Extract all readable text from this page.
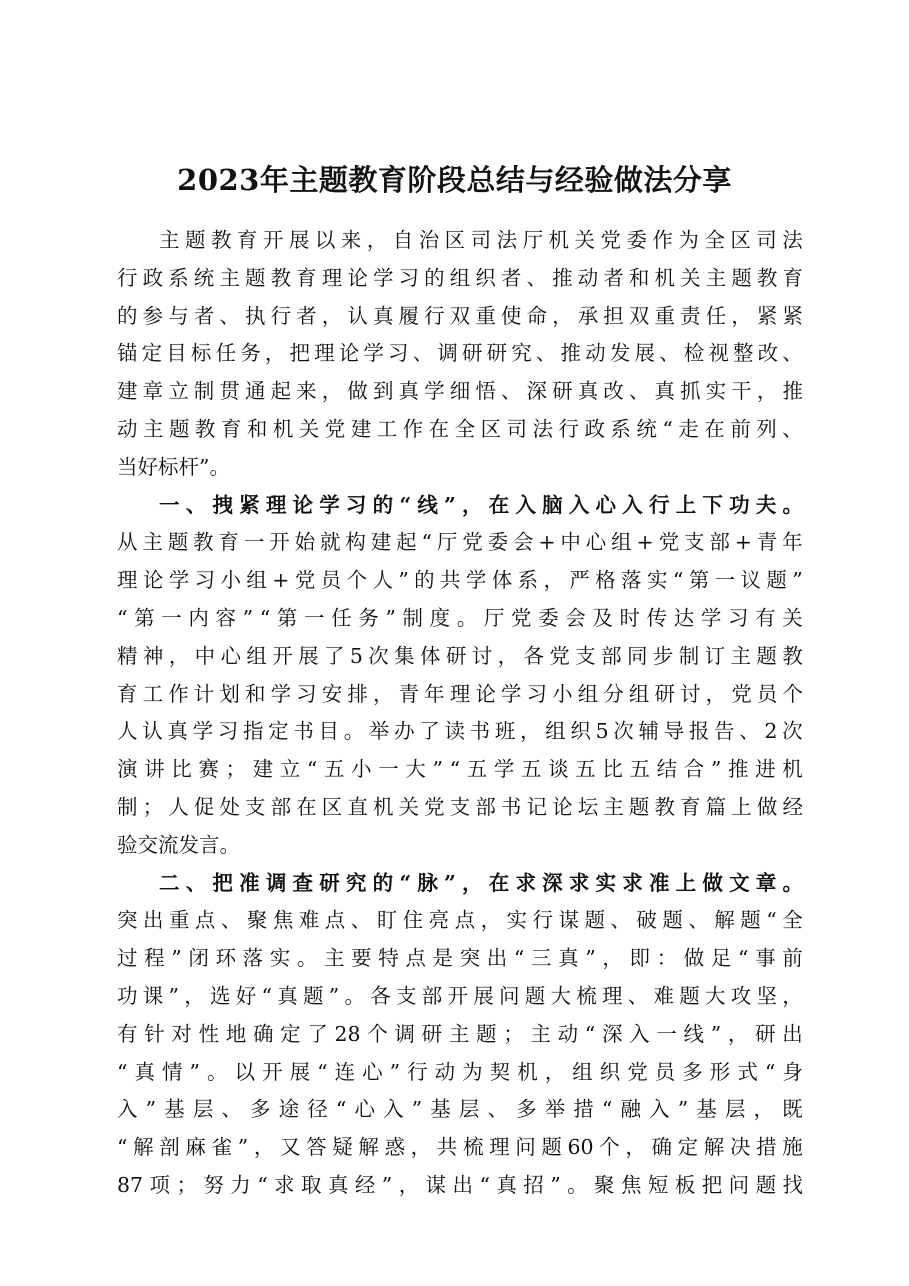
2023年主题教育阶段总结与经验做法分享
主 题 教 育 开 展 以 来 ， 自 治 区 司 法 厅 机 关 党 委 作 为 全 区 司 法
行 政 系 统 主 题 教 育 理 论 学 习 的 组 织 者 、 推 动 者 和 机 关 主 题 教 育
的 参 与 者 、 执 行 者 ， 认 真 履 行 双 重 使 命 ， 承 担 双 重 责 任 ， 紧 紧
锚 定 目 标 任 务 ， 把 理 论 学 习 、 调 研 研 究 、 推 动 发 展 、 检 视 整 改 、
建 章 立 制 贯 通 起 来 ， 做 到 真 学 细 悟 、 深 研 真 改 、 真 抓 实 干 ， 推
动 主 题 教 育 和 机 关 党 建 工 作 在 全 区 司 法 行 政 系 统 “ 走 在 前 列 、
当好标杆”。
一 、 拽 紧 理 论 学 习 的 “ 线 ” ， 在 入 脑 入 心 入 行 上 下 功 夫 。
从 主 题 教 育 一 开 始 就 构 建 起 “ 厅 党 委 会 + 中 心 组 + 党 支 部 + 青 年
理 论 学 习 小 组 + 党 员 个 人 ” 的 共 学 体 系 ， 严 格 落 实 “ 第 一 议 题 ”
“ 第 一 内 容 ” “ 第 一 任 务 ” 制 度 。 厅 党 委 会 及 时 传 达 学 习 有 关
精 神 ， 中 心 组 开 展 了 5 次 集 体 研 讨 ， 各 党 支 部 同 步 制 订 主 题 教
育 工 作 计 划 和 学 习 安 排 ， 青 年 理 论 学 习 小 组 分 组 研 讨 ， 党 员 个
人 认 真 学 习 指 定 书 目 。 举 办 了 读 书 班 ， 组 织 5 次 辅 导 报 告 、 2 次
演 讲 比 赛 ； 建 立 “ 五 小 一 大 ” “ 五 学 五 谈 五 比 五 结 合 ” 推 进 机
制 ； 人 促 处 支 部 在 区 直 机 关 党 支 部 书 记 论 坛 主 题 教 育 篇 上 做 经
验交流发言。
二 、 把 准 调 查 研 究 的 “ 脉 ” ， 在 求 深 求 实 求 准 上 做 文 章 。
突 出 重 点 、 聚 焦 难 点 、 盯 住 亮 点 ， 实 行 谋 题 、 破 题 、 解 题 “ 全
过 程 ” 闭 环 落 实 。 主 要 特 点 是 突 出 “ 三 真 ” ， 即 ： 做 足 “ 事 前
功 课 ” ， 选 好 “ 真 题 ” 。 各 支 部 开 展 问 题 大 梳 理 、 难 题 大 攻 坚 ，
有 针 对 性 地 确 定 了 28 个 调 研 主 题 ； 主 动 “ 深 入 一 线 ” ， 研 出
“ 真 情 ” 。 以 开 展 “ 连 心 ” 行 动 为 契 机 ， 组 织 党 员 多 形 式 “ 身
入 ” 基 层 、 多 途 径 “ 心 入 ” 基 层 、 多 举 措 “ 融 入 ” 基 层 ， 既
“ 解 剖 麻 雀 ” ， 又 答 疑 解 惑 ， 共 梳 理 问 题 60 个 ， 确 定 解 决 措 施
87 项 ； 努 力 “ 求 取 真 经 ” ， 谋 出 “ 真 招 ” 。 聚 焦 短 板 把 问 题 找
